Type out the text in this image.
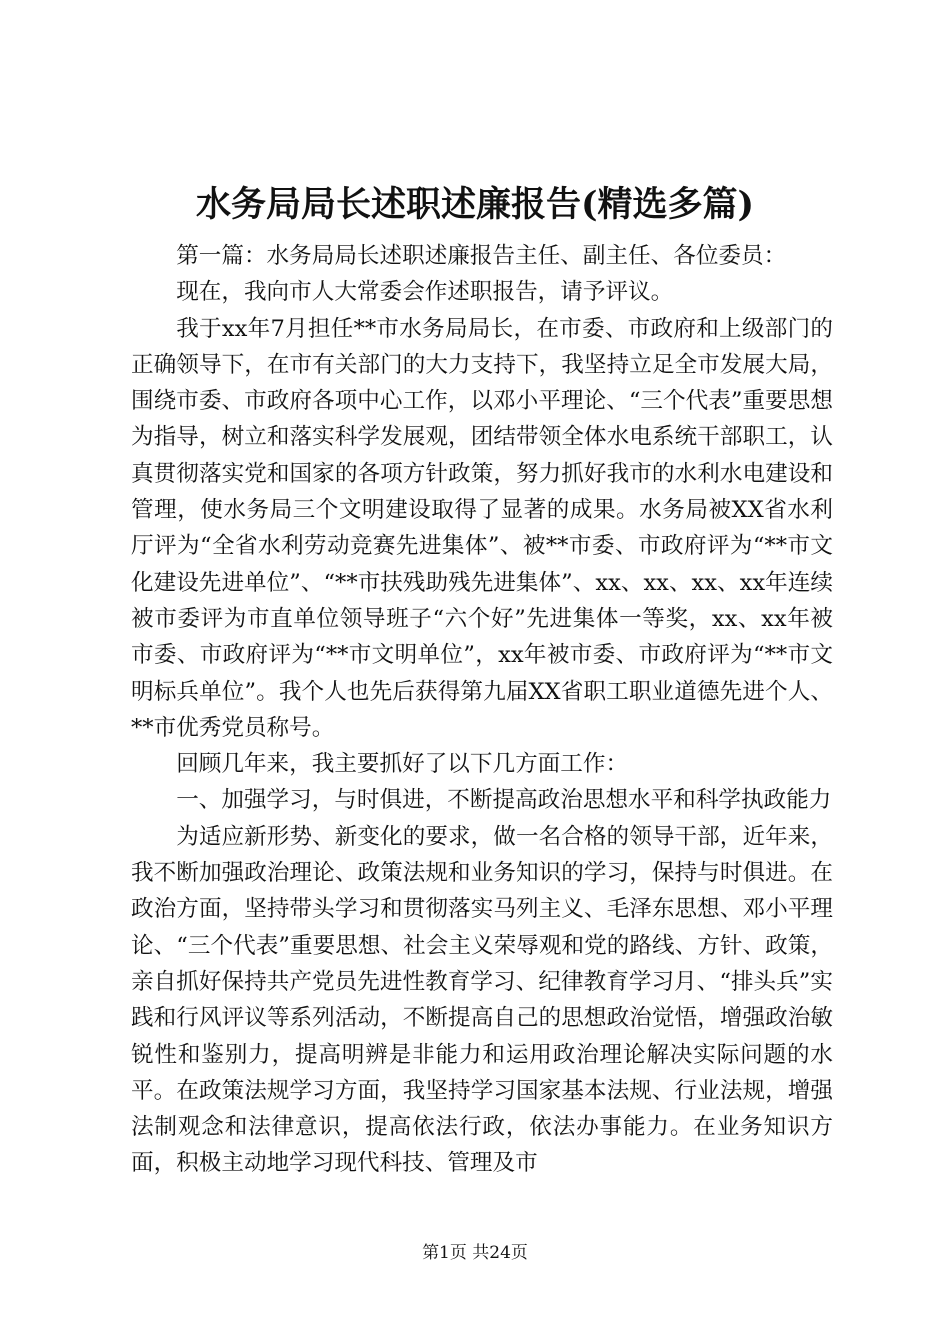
水务局局长述职述廉报告(精选多篇)

第一篇：水务局局长述职述廉报告主任、副主任、各位委员：

现在，我向市人大常委会作述职报告，请予评议。

我于xx年7月担任**市水务局局长，在市委、市政府和上级部门的正确领导下，在市有关部门的大力支持下，我坚持立足全市发展大局，围绕市委、市政府各项中心工作，以邓小平理论、“三个代表”重要思想为指导，树立和落实科学发展观，团结带领全体水电系统干部职工，认真贯彻落实党和国家的各项方针政策，努力抓好我市的水利水电建设和管理，使水务局三个文明建设取得了显著的成果。水务局被XX省水利厅评为“全省水利劳动竞赛先进集体”、被**市委、市政府评为“**市文化建设先进单位”、“**市扶残助残先进集体”、xx、xx、xx、xx年连续被市委评为市直单位领导班子“六个好”先进集体一等奖，xx、xx年被市委、市政府评为“**市文明单位”，xx年被市委、市政府评为“**市文明标兵单位”。我个人也先后获得第九届XX省职工职业道德先进个人、**市优秀党员称号。

回顾几年来，我主要抓好了以下几方面工作：

一、加强学习，与时俱进，不断提高政治思想水平和科学执政能力

为适应新形势、新变化的要求，做一名合格的领导干部，近年来，我不断加强政治理论、政策法规和业务知识的学习，保持与时俱进。在政治方面，坚持带头学习和贯彻落实马列主义、毛泽东思想、邓小平理论、“三个代表”重要思想、社会主义荣辱观和党的路线、方针、政策，亲自抓好保持共产党员先进性教育学习、纪律教育学习月、“排头兵”实践和行风评议等系列活动，不断提高自己的思想政治觉悟，增强政治敏锐性和鉴别力，提高明辨是非能力和运用政治理论解决实际问题的水平。在政策法规学习方面，我坚持学习国家基本法规、行业法规，增强法制观念和法律意识，提高依法行政，依法办事能力。在业务知识方面，积极主动地学习现代科技、管理及市

第1页 共24页
